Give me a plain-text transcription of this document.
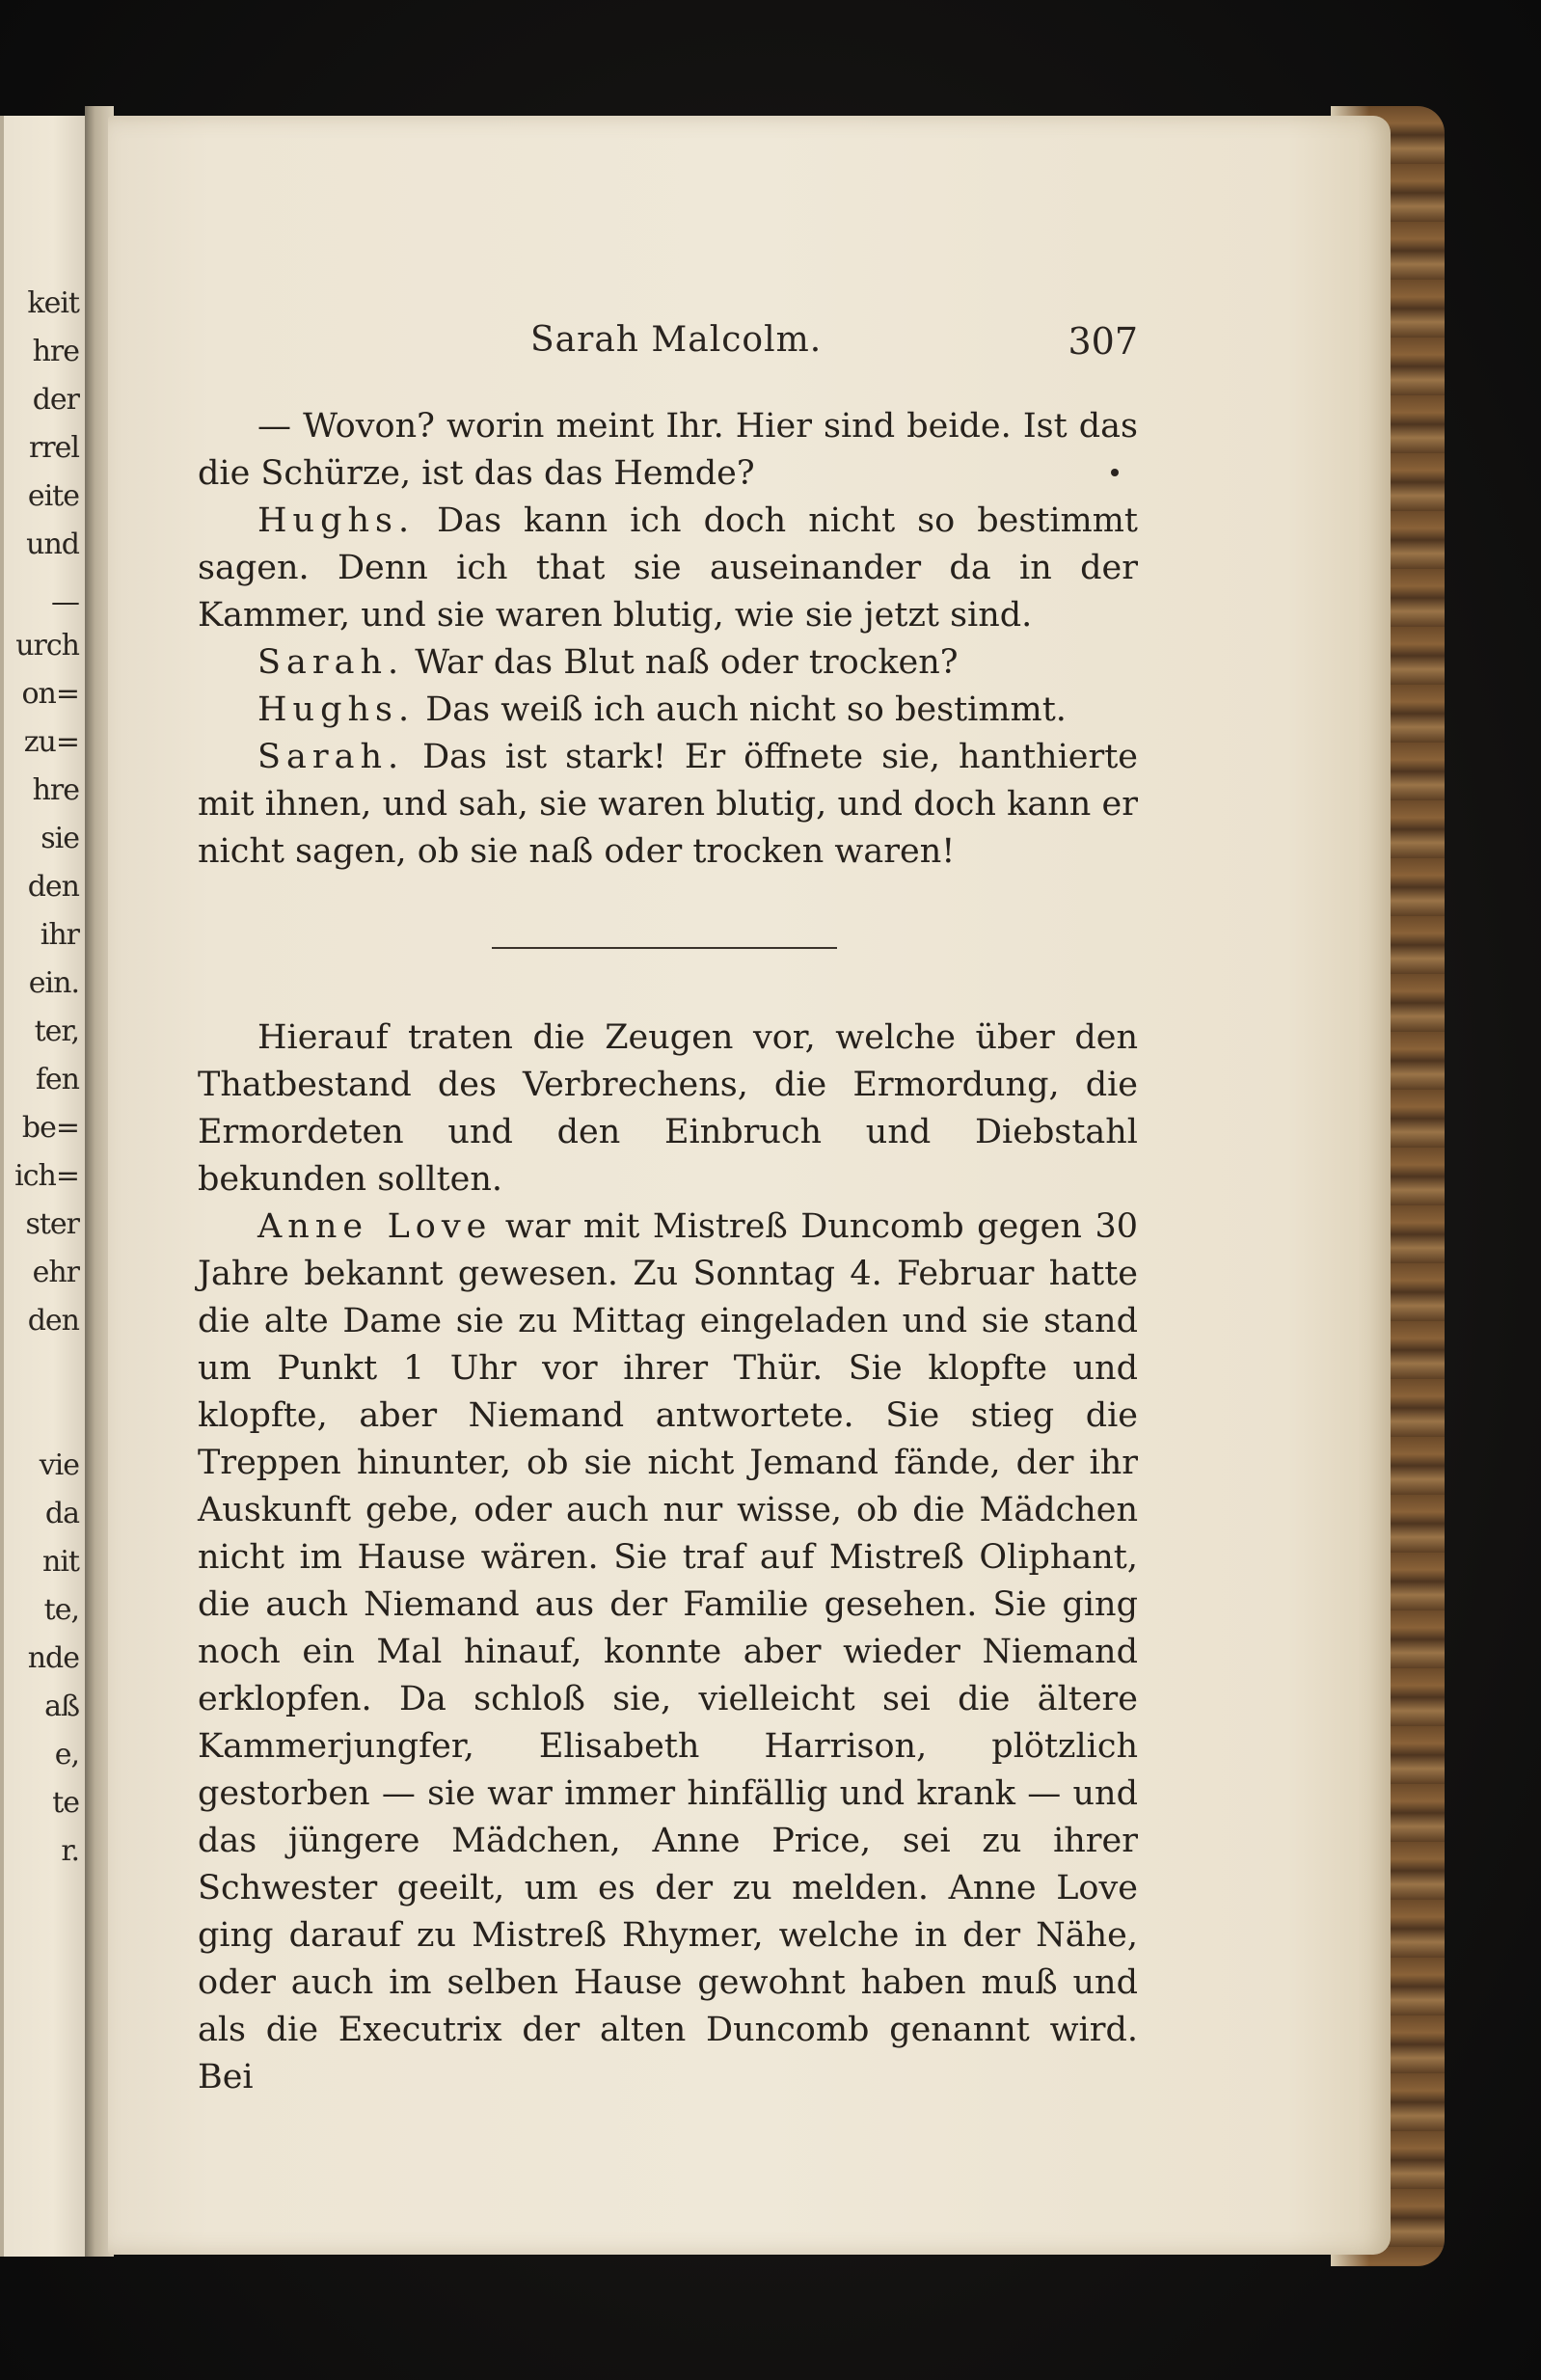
keit
hre
der
rrel
eite
und
—
urch
on=
zu=
hre
sie
den
ihr
ein.
ter,
fen
be=
ich=
ster
ehr
den
vie
da
nit
te,
nde
aß
e,
te
r.
Sarah Malcolm.	307

— Wovon? worin meint Ihr. Hier sind beide. Ist das die Schürze, ist das das Hemde?

Hughs. Das kann ich doch nicht so bestimmt sagen. Denn ich that sie auseinander da in der Kammer, und sie waren blutig, wie sie jetzt sind.

Sarah. War das Blut naß oder trocken?

Hughs. Das weiß ich auch nicht so bestimmt.

Sarah. Das ist stark! Er öffnete sie, hanthierte mit ihnen, und sah, sie waren blutig, und doch kann er nicht sagen, ob sie naß oder trocken waren!

Hierauf traten die Zeugen vor, welche über den Thatbestand des Verbrechens, die Ermordung, die Ermordeten und den Einbruch und Diebstahl bekunden sollten.

Anne Love war mit Mistreß Duncomb gegen 30 Jahre bekannt gewesen. Zu Sonntag 4. Februar hatte die alte Dame sie zu Mittag eingeladen und sie stand um Punkt 1 Uhr vor ihrer Thür. Sie klopfte und klopfte, aber Niemand antwortete. Sie stieg die Treppen hinunter, ob sie nicht Jemand fände, der ihr Auskunft gebe, oder auch nur wisse, ob die Mädchen nicht im Hause wären. Sie traf auf Mistreß Oliphant, die auch Niemand aus der Familie gesehen. Sie ging noch ein Mal hinauf, konnte aber wieder Niemand erklopfen. Da schloß sie, vielleicht sei die ältere Kammerjungfer, Elisabeth Harrison, plötzlich gestorben — sie war immer hinfällig und krank — und das jüngere Mädchen, Anne Price, sei zu ihrer Schwester geeilt, um es der zu melden. Anne Love ging darauf zu Mistreß Rhymer, welche in der Nähe, oder auch im selben Hause gewohnt haben muß und als die Executrix der alten Duncomb genannt wird. Bei
